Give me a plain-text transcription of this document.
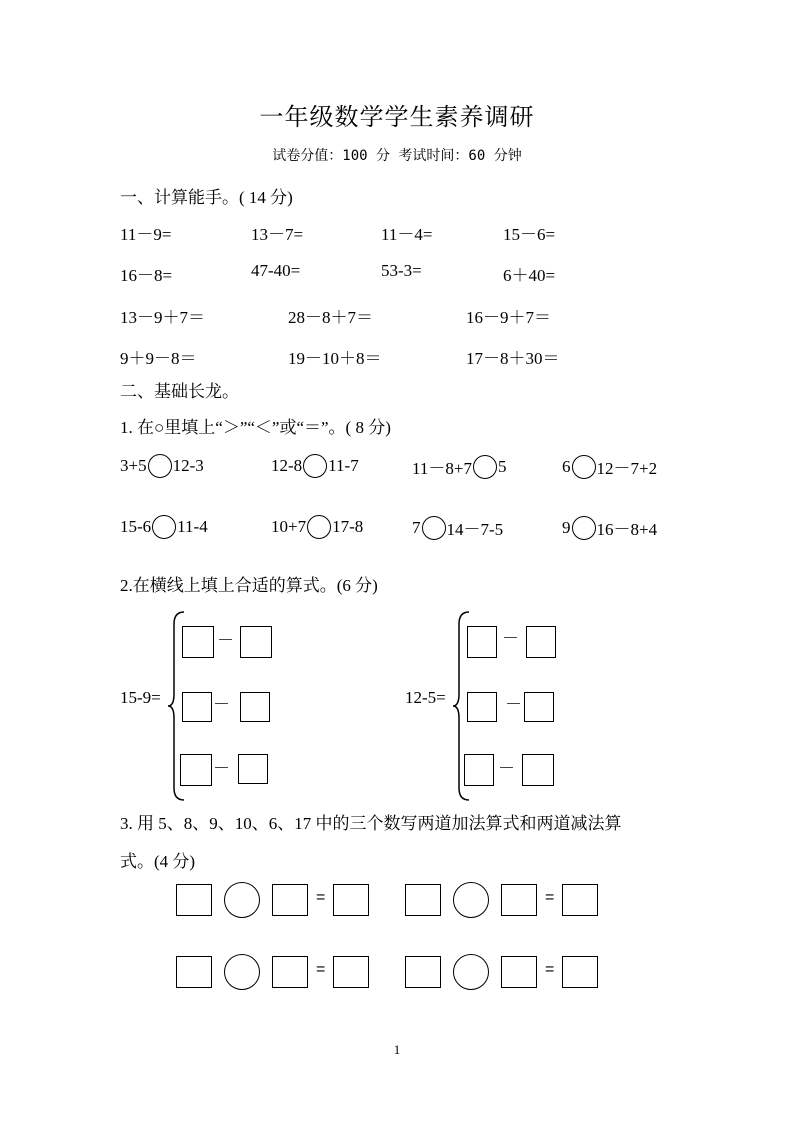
一年级数学学生素养调研
试卷分值：100 分 考试时间：60 分钟
一、计算能手。( 14 分)
11－9=	13－7=	11－4=	15－6=
16－8=	47-40=	53-3=	6＋40=
13－9＋7＝	28－8＋7＝	16－9＋7＝
9＋9－8＝	19－10＋8＝	17－8＋30＝
二、基础长龙。
1. 在○里填上“＞”“＜”或“＝”。( 8 分)
3+5 12-3	12-8 11-7	11－8+7 5	6 12－7+2
15-6 11-4	10+7 17-8	7 14－7-5	9 16－8+4
2.在横线上填上合适的算式。(6 分)
15-9=
－
－
－
12-5=
－
－
－
3. 用 5、8、9、10、6、17 中的三个数写两道加法算式和两道减法算
式。(4 分)
=	=
=	=
1
